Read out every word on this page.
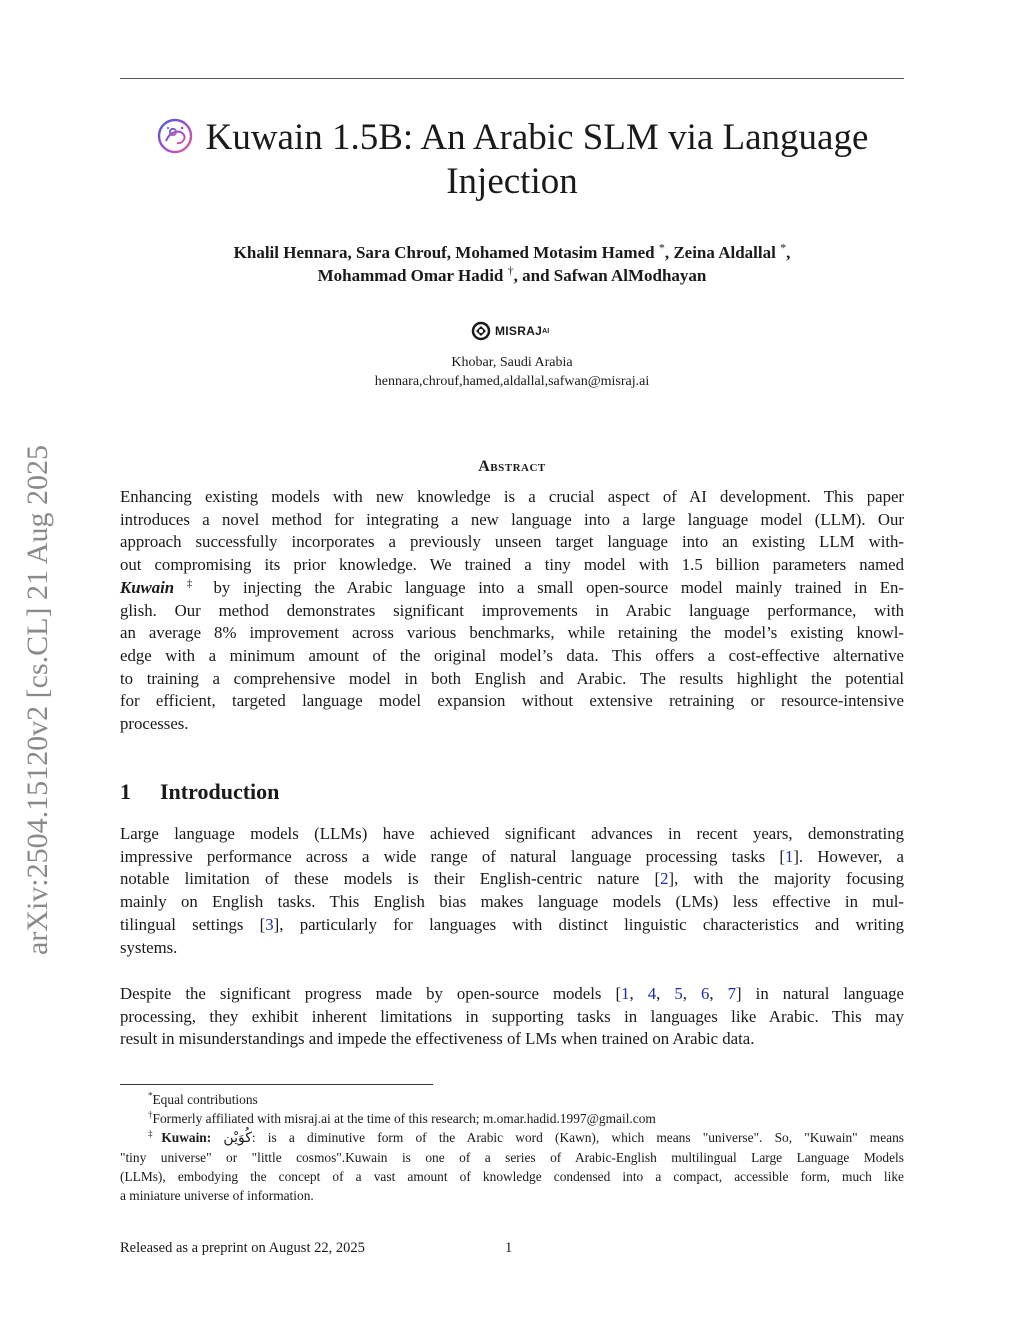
arXiv:2504.15120v2 [cs.CL] 21 Aug 2025
Kuwain 1.5B: An Arabic SLM via Language
Injection
Khalil Hennara, Sara Chrouf, Mohamed Motasim Hamed *, Zeina Aldallal *,
Mohammad Omar Hadid †, and Safwan AlModhayan
MISRAJ AI
Khobar, Saudi Arabia
hennara,chrouf,hamed,aldallal,safwan@misraj.ai
Abstract
Enhancing existing models with new knowledge is a crucial aspect of AI development. This paper
introduces a novel method for integrating a new language into a large language model (LLM). Our
approach successfully incorporates a previously unseen target language into an existing LLM with-
out compromising its prior knowledge. We trained a tiny model with 1.5 billion parameters named
Kuwain ‡ by injecting the Arabic language into a small open-source model mainly trained in En-
glish. Our method demonstrates significant improvements in Arabic language performance, with
an average 8% improvement across various benchmarks, while retaining the model’s existing knowl-
edge with a minimum amount of the original model’s data. This offers a cost-effective alternative
to training a comprehensive model in both English and Arabic. The results highlight the potential
for efficient, targeted language model expansion without extensive retraining or resource-intensive
processes.
1 Introduction
Large language models (LLMs) have achieved significant advances in recent years, demonstrating
impressive performance across a wide range of natural language processing tasks [1]. However, a
notable limitation of these models is their English-centric nature [2], with the majority focusing
mainly on English tasks. This English bias makes language models (LMs) less effective in mul-
tilingual settings [3], particularly for languages with distinct linguistic characteristics and writing
systems.
Despite the significant progress made by open-source models [1, 4, 5, 6, 7] in natural language
processing, they exhibit inherent limitations in supporting tasks in languages like Arabic. This may
result in misunderstandings and impede the effectiveness of LMs when trained on Arabic data.
*Equal contributions
†Formerly affiliated with misraj.ai at the time of this research; m.omar.hadid.1997@gmail.com
‡Kuwain: كُوَيْن: is a diminutive form of the Arabic word (Kawn), which means "universe". So, "Kuwain" means
"tiny universe" or "little cosmos".Kuwain is one of a series of Arabic-English multilingual Large Language Models
(LLMs), embodying the concept of a vast amount of knowledge condensed into a compact, accessible form, much like
a miniature universe of information.
Released as a preprint on August 22, 2025	1
